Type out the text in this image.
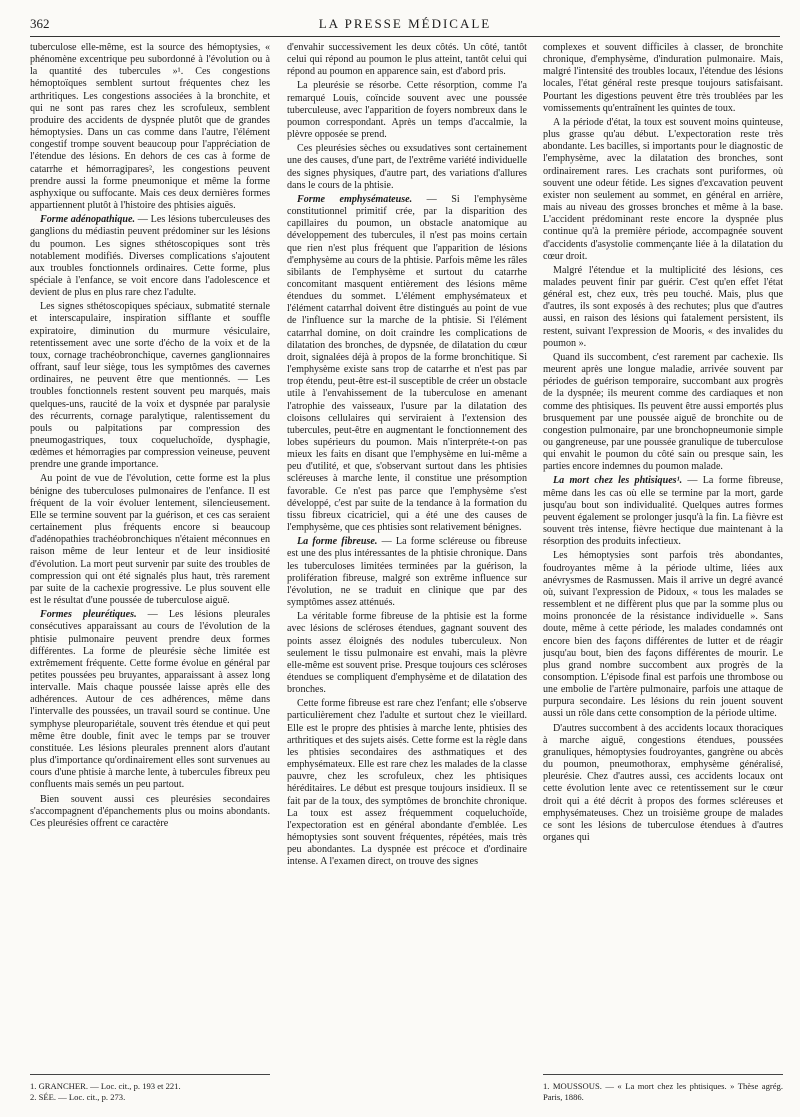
362	LA PRESSE MÉDICALE

tuberculose elle-même, est la source des hémoptysies, « phénomène excentrique peu subordonné à l'évolution ou à la quantité des tubercules »¹. Ces congestions hémoptoïques semblent surtout fréquentes chez les arthritiques. Les congestions associées à la bronchite, et qui ne sont pas rares chez les scrofuleux, semblent produire des accidents de dyspnée plutôt que de grandes hémoptysies. Dans un cas comme dans l'autre, l'élément congestif trompe souvent beaucoup pour l'appréciation de l'étendue des lésions. En dehors de ces cas à forme de catarrhe et hémorragipares², les congestions peuvent prendre aussi la forme pneumonique et même la forme asphyxique ou suffocante. Mais ces deux dernières formes appartiennent plutôt à l'histoire des phtisies aiguës.

Forme adénopathique. — Les lésions tuberculeuses des ganglions du médiastin peuvent prédominer sur les lésions du poumon. Les signes sthétoscopiques sont très notablement modifiés. Diverses complications s'ajoutent aux troubles fonctionnels ordinaires. Cette forme, plus spéciale à l'enfance, se voit encore dans l'adolescence et devient de plus en plus rare chez l'adulte.

Les signes sthétoscopiques spéciaux, submatité sternale et interscapulaire, inspiration sifflante et souffle expiratoire, diminution du murmure vésiculaire, retentissement avec une sorte d'écho de la voix et de la toux, cornage trachéobronchique, cavernes ganglionnaires offrant, sauf leur siège, tous les symptômes des cavernes ordinaires, ne peuvent être que mentionnés. — Les troubles fonctionnels restent souvent peu marqués, mais quelques-uns, raucité de la voix et dyspnée par paralysie des récurrents, cornage paralytique, ralentissement du pouls ou palpitations par compression des pneumogastriques, toux coqueluchoïde, dysphagie, œdèmes et hémorragies par compression veineuse, peuvent prendre une grande importance.

Au point de vue de l'évolution, cette forme est la plus bénigne des tuberculoses pulmonaires de l'enfance. Il est fréquent de la voir évoluer lentement, silencieusement. Elle se termine souvent par la guérison, et ces cas seraient certainement plus fréquents encore si beaucoup d'adénopathies trachéobronchiques n'étaient méconnues en raison même de leur lenteur et de leur insidiosité d'évolution. La mort peut survenir par suite des troubles de compression qui ont été signalés plus haut, très rarement par suite de la cachexie progressive. Le plus souvent elle est le résultat d'une poussée de tuberculose aiguë.

Formes pleurétiques. — Les lésions pleurales consécutives apparaissant au cours de l'évolution de la phtisie pulmonaire peuvent prendre deux formes différentes. La forme de pleurésie sèche limitée est extrêmement fréquente. Cette forme évolue en général par petites poussées peu bruyantes, apparaissant à assez long intervalle. Mais chaque poussée laisse après elle des adhérences. Autour de ces adhérences, même dans l'intervalle des poussées, un travail sourd se continue. Une symphyse pleuropariétale, souvent très étendue et qui peut même être double, finit avec le temps par se trouver constituée. Les lésions pleurales prennent alors d'autant plus d'importance qu'ordinairement elles sont survenues au cours d'une phtisie à marche lente, à tubercules fibreux peu confluents mais semés un peu partout.

Bien souvent aussi ces pleurésies secondaires s'accompagnent d'épanchements plus ou moins abondants. Ces pleurésies offrent ce caractère

1. GRANCHER. — Loc. cit., p. 193 et 221.
2. SÉE. — Loc. cit., p. 273.

d'envahir successivement les deux côtés. Un côté, tantôt celui qui répond au poumon le plus atteint, tantôt celui qui répond au poumon en apparence sain, est d'abord pris.

La pleurésie se résorbe. Cette résorption, comme l'a remarqué Louis, coïncide souvent avec une poussée tuberculeuse, avec l'apparition de foyers nombreux dans le poumon correspondant. Après un temps d'accalmie, la plèvre opposée se prend.

Ces pleurésies sèches ou exsudatives sont certainement une des causes, d'une part, de l'extrême variété individuelle des signes physiques, d'autre part, des variations d'allures dans le cours de la phtisie.

Forme emphysémateuse. — Si l'emphysème constitutionnel primitif crée, par la disparition des capillaires du poumon, un obstacle anatomique au développement des tubercules, il n'est pas moins certain que rien n'est plus fréquent que l'apparition de lésions d'emphysème au cours de la phtisie. Parfois même les râles sibilants de l'emphysème et surtout du catarrhe concomitant masquent entièrement des lésions même étendues du sommet. L'élément emphysémateux et l'élément catarrhal doivent être distingués au point de vue de l'influence sur la marche de la phtisie. Si l'élément catarrhal domine, on doit craindre les complications de dilatation des bronches, de dypsnée, de dilatation du cœur droit, signalées déjà à propos de la forme bronchitique. Si l'emphysème existe sans trop de catarrhe et n'est pas par trop étendu, peut-être est-il susceptible de créer un obstacle utile à l'envahissement de la tuberculose en amenant l'atrophie des vaisseaux, l'usure par la dilatation des cloisons cellulaires qui serviraient à l'extension des tubercules, peut-être en augmentant le fonctionnement des lobes supérieurs du poumon. Mais n'interpréte-t-on pas mieux les faits en disant que l'emphysème en lui-même a peu d'utilité, et que, s'observant surtout dans les phtisies scléreuses à marche lente, il constitue une présomption favorable. Ce n'est pas parce que l'emphysème s'est développé, c'est par suite de la tendance à la formation du tissu fibreux cicatriciel, qui a été une des causes de l'emphysème, que ces phtisies sont relativement bénignes.

La forme fibreuse. — La forme scléreuse ou fibreuse est une des plus intéressantes de la phtisie chronique. Dans les tuberculoses limitées terminées par la guérison, la prolifération fibreuse, malgré son extrême influence sur l'évolution, ne se traduit en clinique que par des symptômes assez atténués.

La véritable forme fibreuse de la phtisie est la forme avec lésions de scléroses étendues, gagnant souvent des points assez éloignés des nodules tuberculeux. Non seulement le tissu pulmonaire est envahi, mais la plèvre elle-même est souvent prise. Presque toujours ces scléroses étendues se compliquent d'emphysème et de dilatation des bronches.

Cette forme fibreuse est rare chez l'enfant; elle s'observe particulièrement chez l'adulte et surtout chez le vieillard. Elle est le propre des phtisies à marche lente, phtisies des arthritiques et des sujets aisés. Cette forme est la règle dans les phtisies secondaires des asthmatiques et des emphysémateux. Elle est rare chez les malades de la classe pauvre, chez les scrofuleux, chez les phtisiques héréditaires. Le début est presque toujours insidieux. Il se fait par de la toux, des symptômes de bronchite chronique. La toux est assez fréquemment coqueluchoïde, l'expectoration est en général abondante d'emblée. Les hémoptysies sont souvent fréquentes, répétées, mais très peu abondantes. La dyspnée est précoce et d'ordinaire intense. A l'examen direct, on trouve des signes

complexes et souvent difficiles à classer, de bronchite chronique, d'emphysème, d'induration pulmonaire. Mais, malgré l'intensité des troubles locaux, l'étendue des lésions locales, l'état général reste presque toujours satisfaisant. Pourtant les digestions peuvent être très troublées par les vomissements qu'entraînent les quintes de toux.

A la période d'état, la toux est souvent moins quinteuse, plus grasse qu'au début. L'expectoration reste très abondante. Les bacilles, si importants pour le diagnostic de l'emphysème, avec la dilatation des bronches, sont ordinairement rares. Les crachats sont puriformes, où souvent une odeur fétide. Les signes d'excavation peuvent exister non seulement au sommet, en général en arrière, mais au niveau des grosses bronches et même à la base. L'accident prédominant reste encore la dyspnée plus continue qu'à la première période, accompagnée souvent d'accidents d'asystolie commençante liée à la dilatation du cœur droit.

Malgré l'étendue et la multiplicité des lésions, ces malades peuvent finir par guérir. C'est qu'en effet l'état général est, chez eux, très peu touché. Mais, plus que d'autres, ils sont exposés à des rechutes; plus que d'autres aussi, en raison des lésions qui fatalement persistent, ils restent, suivant l'expression de Mooris, « des invalides du poumon ».

Quand ils succombent, c'est rarement par cachexie. Ils meurent après une longue maladie, arrivée souvent par périodes de guérison temporaire, succombant aux progrès de la dyspnée; ils meurent comme des cardiaques et non comme des phtisiques. Ils peuvent être aussi emportés plus brusquement par une poussée aiguë de bronchite ou de congestion pulmonaire, par une bronchopneumonie simple ou gangreneuse, par une poussée granulique de tuberculose qui envahit le poumon du côté sain ou presque sain, les parties encore indemnes du poumon malade.

La mort chez les phtisiques¹. — La forme fibreuse, même dans les cas où elle se termine par la mort, garde jusqu'au bout son individualité. Quelques autres formes peuvent également se prolonger jusqu'à la fin. La fièvre est souvent très intense, fièvre hectique due maintenant à la résorption des produits infectieux.

Les hémoptysies sont parfois très abondantes, foudroyantes même à la période ultime, liées aux anévrysmes de Rasmussen. Mais il arrive un degré avancé où, suivant l'expression de Pidoux, « tous les malades se ressemblent et ne diffèrent plus que par la somme plus ou moins prononcée de la résistance individuelle ». Sans doute, même à cette période, les malades condamnés ont encore bien des façons différentes de lutter et de réagir jusqu'au bout, bien des façons différentes de mourir. Le plus grand nombre succombent aux progrès de la consomption. L'épisode final est parfois une thrombose ou une embolie de l'artère pulmonaire, parfois une attaque de purpura secondaire. Les lésions du rein jouent souvent aussi un rôle dans cette consomption de la période ultime.

D'autres succombent à des accidents locaux thoraciques à marche aiguë, congestions étendues, poussées granuliques, hémoptysies foudroyantes, gangrène ou abcès du poumon, pneumothorax, emphysème généralisé, pleurésie. Chez d'autres aussi, ces accidents locaux ont cette évolution lente avec ce retentissement sur le cœur droit qui a été décrit à propos des formes scléreuses et emphysémateuses. Chez un troisième groupe de malades ce sont les lésions de tuberculose étendues à d'autres organes qui

1. MOUSSOUS. — « La mort chez les phtisiques. » Thèse agrég. Paris, 1886.
